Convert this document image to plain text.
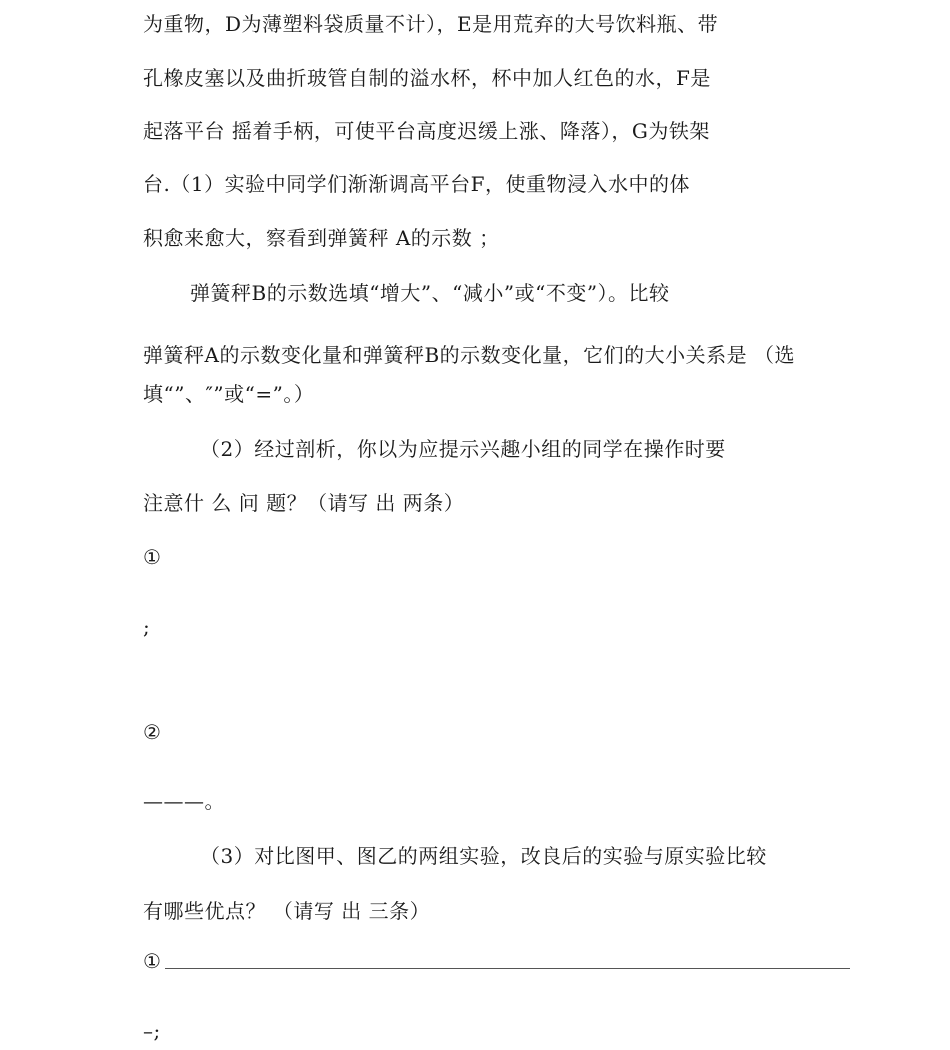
为重物，D为薄塑料袋质量不计），E是用荒弃的大号饮料瓶、带
孔橡皮塞以及曲折玻管自制的溢水杯，杯中加人红色的水，F是
起落平台 摇着手柄，可使平台高度迟缓上涨、降落），G为铁架
台.（1）实验中同学们渐渐调高平台F，使重物浸入水中的体
积愈来愈大，察看到弹簧秤 A的示数 ；
弹簧秤B的示数选填“增大”、“减小”或“不变”）。比较
弹簧秤A的示数变化量和弹簧秤B的示数变化量，它们的大小关系是 （选
填“”、″”或“=”。）
（2）经过剖析，你以为应提示兴趣小组的同学在操作时要
注意什 么 问 题？（请写 出 两条）
①
;
②
———。
（3）对比图甲、图乙的两组实验，改良后的实验与原实验比较
有哪些优点？ （请写 出 三条）
①
–;
